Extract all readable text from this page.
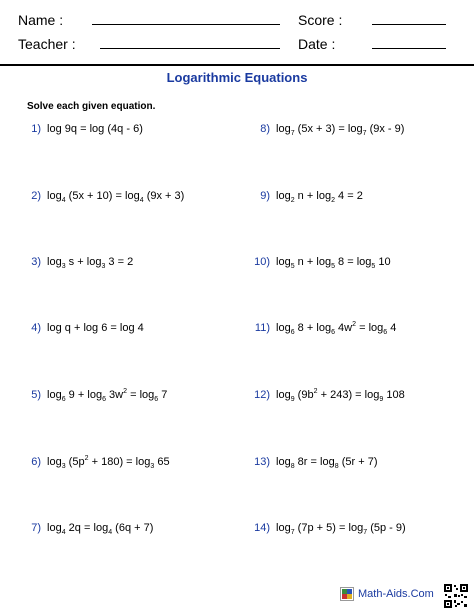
Name :	Score :
Teacher :	Date :
Logarithmic Equations
Solve each given equation.
1) log 9q = log (4q - 6)
2) $\log_4 (5x + 10) = \log_4 (9x + 3)$
3) $\log_3 s + \log_3 3 = 2$
4) log q + log 6 = log 4
5) $\log_6 9 + \log_6 3w^2 = \log_6 7$
6) $\log_3 (5p^2 + 180) = \log_3 65$
7) $\log_4 2q = \log_4 (6q + 7)$
8) $\log_7 (5x + 3) = \log_7 (9x - 9)$
9) $\log_2 n + \log_2 4 = 2$
10) $\log_5 n + \log_5 8 = \log_5 10$
11) $\log_6 8 + \log_6 4w^2 = \log_6 4$
12) $\log_9 (9b^2 + 243) = \log_9 108$
13) $\log_8 8r = \log_8 (5r + 7)$
14) $\log_7 (7p + 5) = \log_7 (5p - 9)$
Math-Aids.Com
